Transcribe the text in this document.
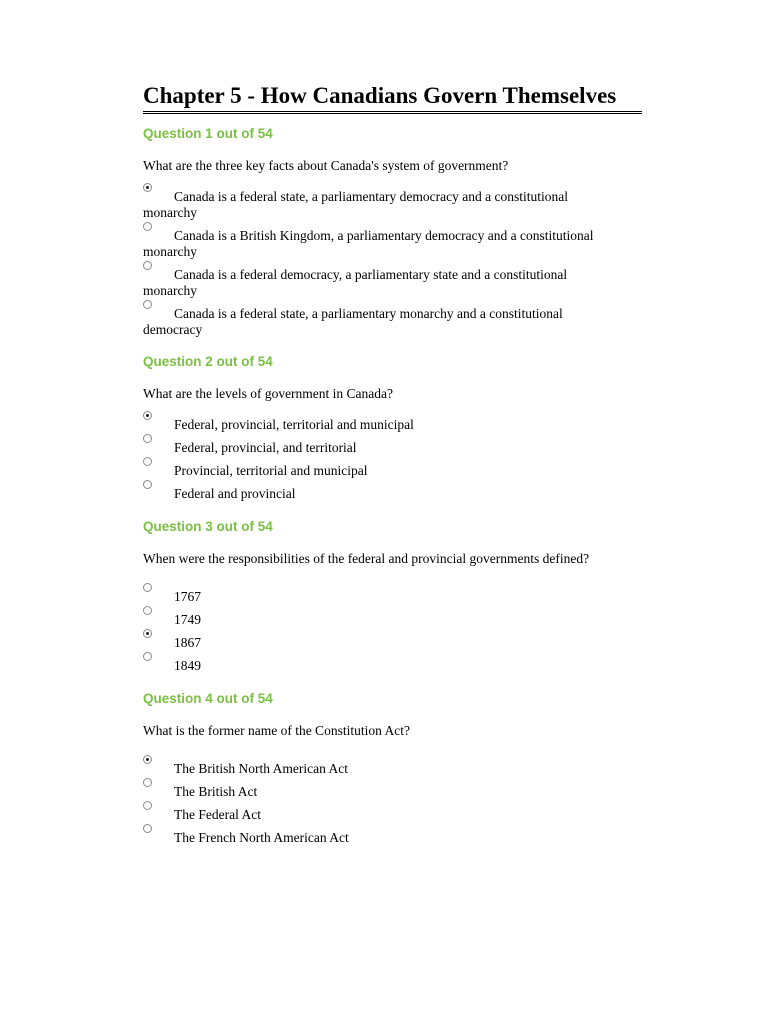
Chapter 5 - How Canadians Govern Themselves

Question 1 out of 54

What are the three key facts about Canada's system of government?

Canada is a federal state, a parliamentary democracy and a constitutional monarchy
Canada is a British Kingdom, a parliamentary democracy and a constitutional monarchy
Canada is a federal democracy, a parliamentary state and a constitutional monarchy
Canada is a federal state, a parliamentary monarchy and a constitutional democracy

Question 2 out of 54

What are the levels of government in Canada?

Federal, provincial, territorial and municipal
Federal, provincial, and territorial
Provincial, territorial and municipal
Federal and provincial

Question 3 out of 54

When were the responsibilities of the federal and provincial governments defined?

1767
1749
1867
1849

Question 4 out of 54

What is the former name of the Constitution Act?

The British North American Act
The British Act
The Federal Act
The French North American Act
